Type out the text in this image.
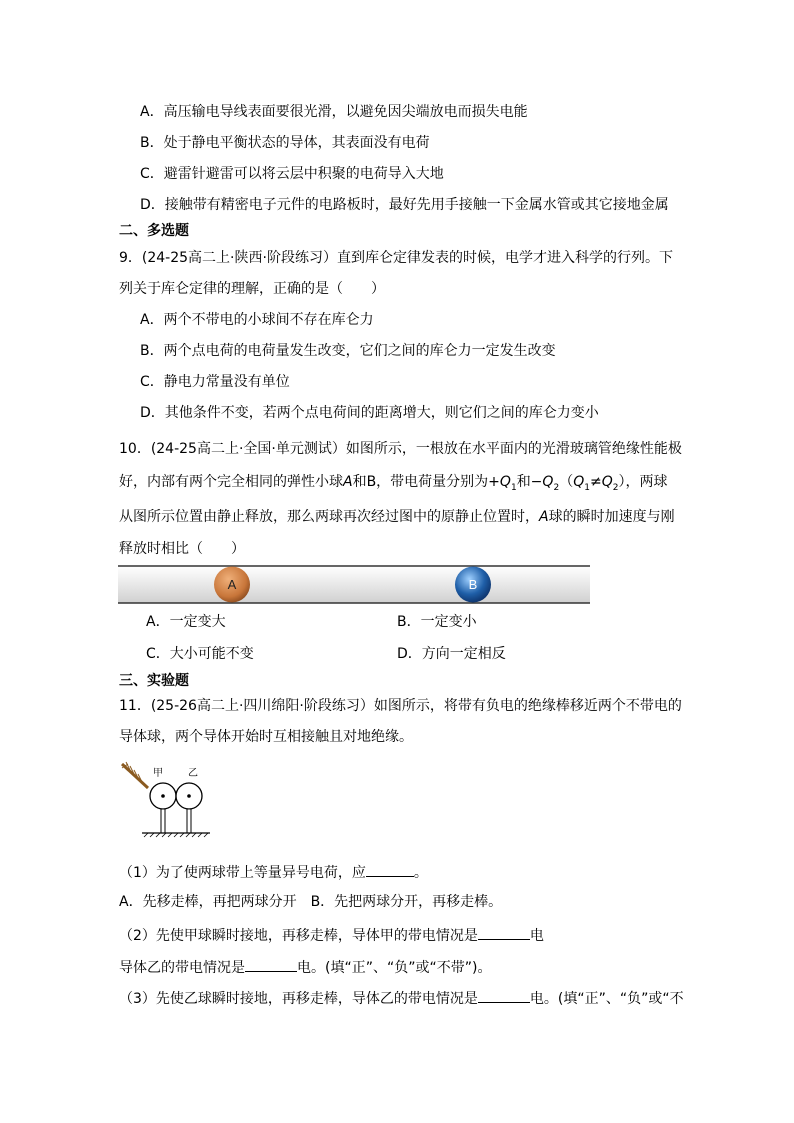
A．高压输电导线表面要很光滑，以避免因尖端放电而损失电能
B．处于静电平衡状态的导体，其表面没有电荷
C．避雷针避雷可以将云层中积聚的电荷导入大地
D．接触带有精密电子元件的电路板时，最好先用手接触一下金属水管或其它接地金属
二、多选题
9．(24-25高二上·陕西·阶段练习）直到库仑定律发表的时候，电学才进入科学的行列。下
列关于库仑定律的理解，正确的是（　　）
A．两个不带电的小球间不存在库仑力
B．两个点电荷的电荷量发生改变，它们之间的库仑力一定发生改变
C．静电力常量没有单位
D．其他条件不变，若两个点电荷间的距离增大，则它们之间的库仑力变小
10．(24-25高二上·全国·单元测试）如图所示，一根放在水平面内的光滑玻璃管绝缘性能极
好，内部有两个完全相同的弹性小球A和B，带电荷量分别为$+Q_1$和$-Q_2(Q_1\ne Q_2)$，两球
从图所示位置由静止释放，那么两球再次经过图中的原静止位置时，A球的瞬时加速度与刚
释放时相比（　　）
A	B
A．一定变大	B．一定变小
C．大小可能不变	D．方向一定相反
三、实验题
11．(25-26高二上·四川绵阳·阶段练习）如图所示，将带有负电的绝缘棒移近两个不带电的
导体球，两个导体开始时互相接触且对地绝缘。
甲	乙
（1）为了使两球带上等量异号电荷，应	。
A．先移走棒，再把两球分开　B．先把两球分开，再移走棒。
（2）先使甲球瞬时接地，再移走棒，导体甲的带电情况是	电
导体乙的带电情况是	电。(填“正”、“负”或“不带”)。
（3）先使乙球瞬时接地，再移走棒，导体乙的带电情况是	电。(填“正”、“负”或“不
